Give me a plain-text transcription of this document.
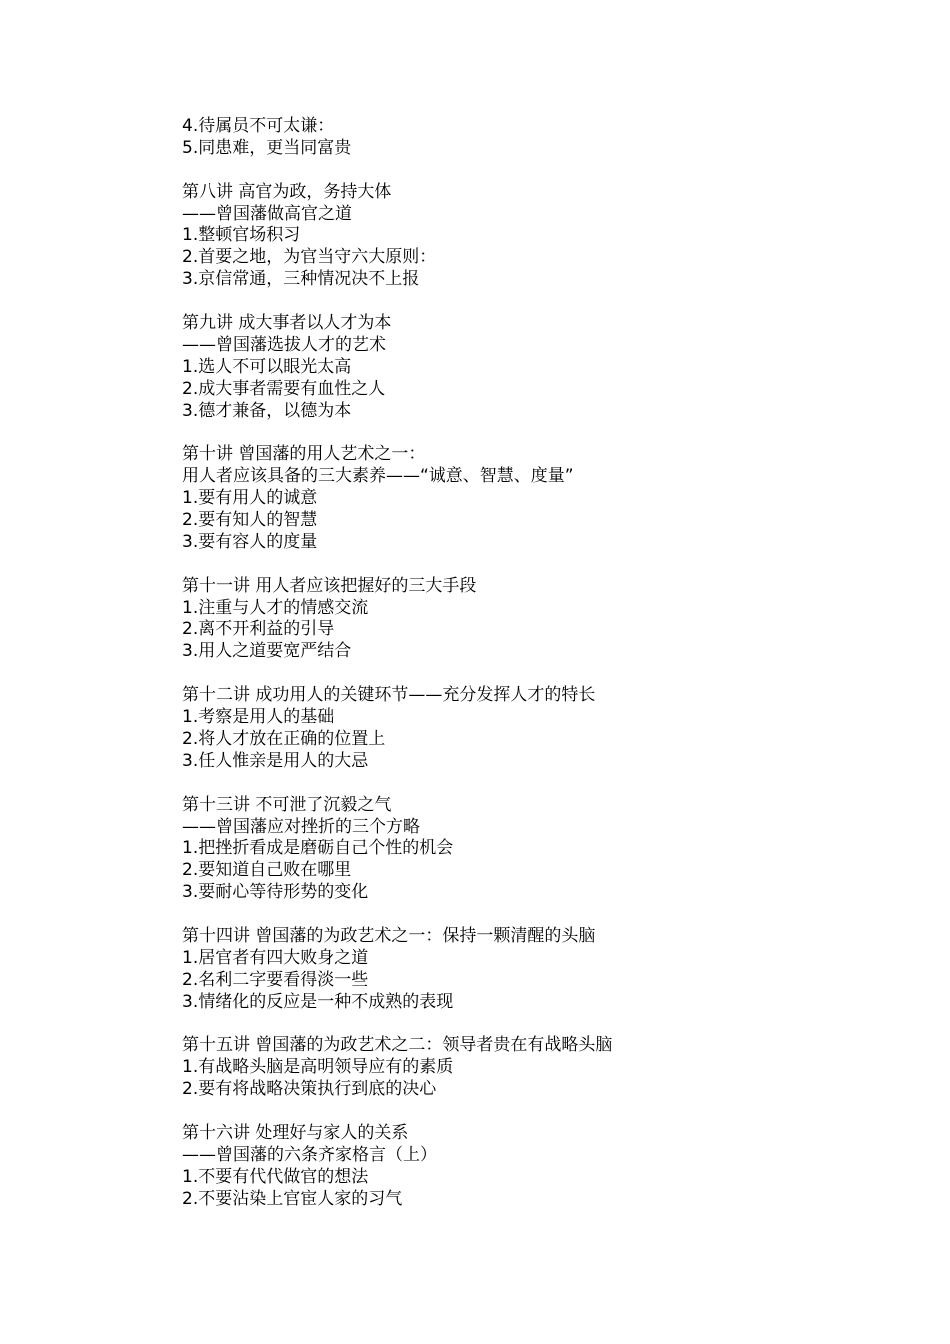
4.待属员不可太谦：
5.同患难，更当同富贵
第八讲 高官为政，务持大体
——曾国藩做高官之道
1.整顿官场积习
2.首要之地，为官当守六大原则：
3.京信常通，三种情况决不上报
第九讲 成大事者以人才为本
——曾国藩选拔人才的艺术
1.选人不可以眼光太高
2.成大事者需要有血性之人
3.德才兼备，以德为本
第十讲 曾国藩的用人艺术之一：
用人者应该具备的三大素养——“诚意、智慧、度量”
1.要有用人的诚意
2.要有知人的智慧
3.要有容人的度量
第十一讲 用人者应该把握好的三大手段
1.注重与人才的情感交流
2.离不开利益的引导
3.用人之道要宽严结合
第十二讲 成功用人的关键环节——充分发挥人才的特长
1.考察是用人的基础
2.将人才放在正确的位置上
3.任人惟亲是用人的大忌
第十三讲 不可泄了沉毅之气
——曾国藩应对挫折的三个方略
1.把挫折看成是磨砺自己个性的机会
2.要知道自己败在哪里
3.要耐心等待形势的变化
第十四讲 曾国藩的为政艺术之一：保持一颗清醒的头脑
1.居官者有四大败身之道
2.名利二字要看得淡一些
3.情绪化的反应是一种不成熟的表现
第十五讲 曾国藩的为政艺术之二：领导者贵在有战略头脑
1.有战略头脑是高明领导应有的素质
2.要有将战略决策执行到底的决心
第十六讲 处理好与家人的关系
——曾国藩的六条齐家格言（上）
1.不要有代代做官的想法
2.不要沾染上官宦人家的习气
